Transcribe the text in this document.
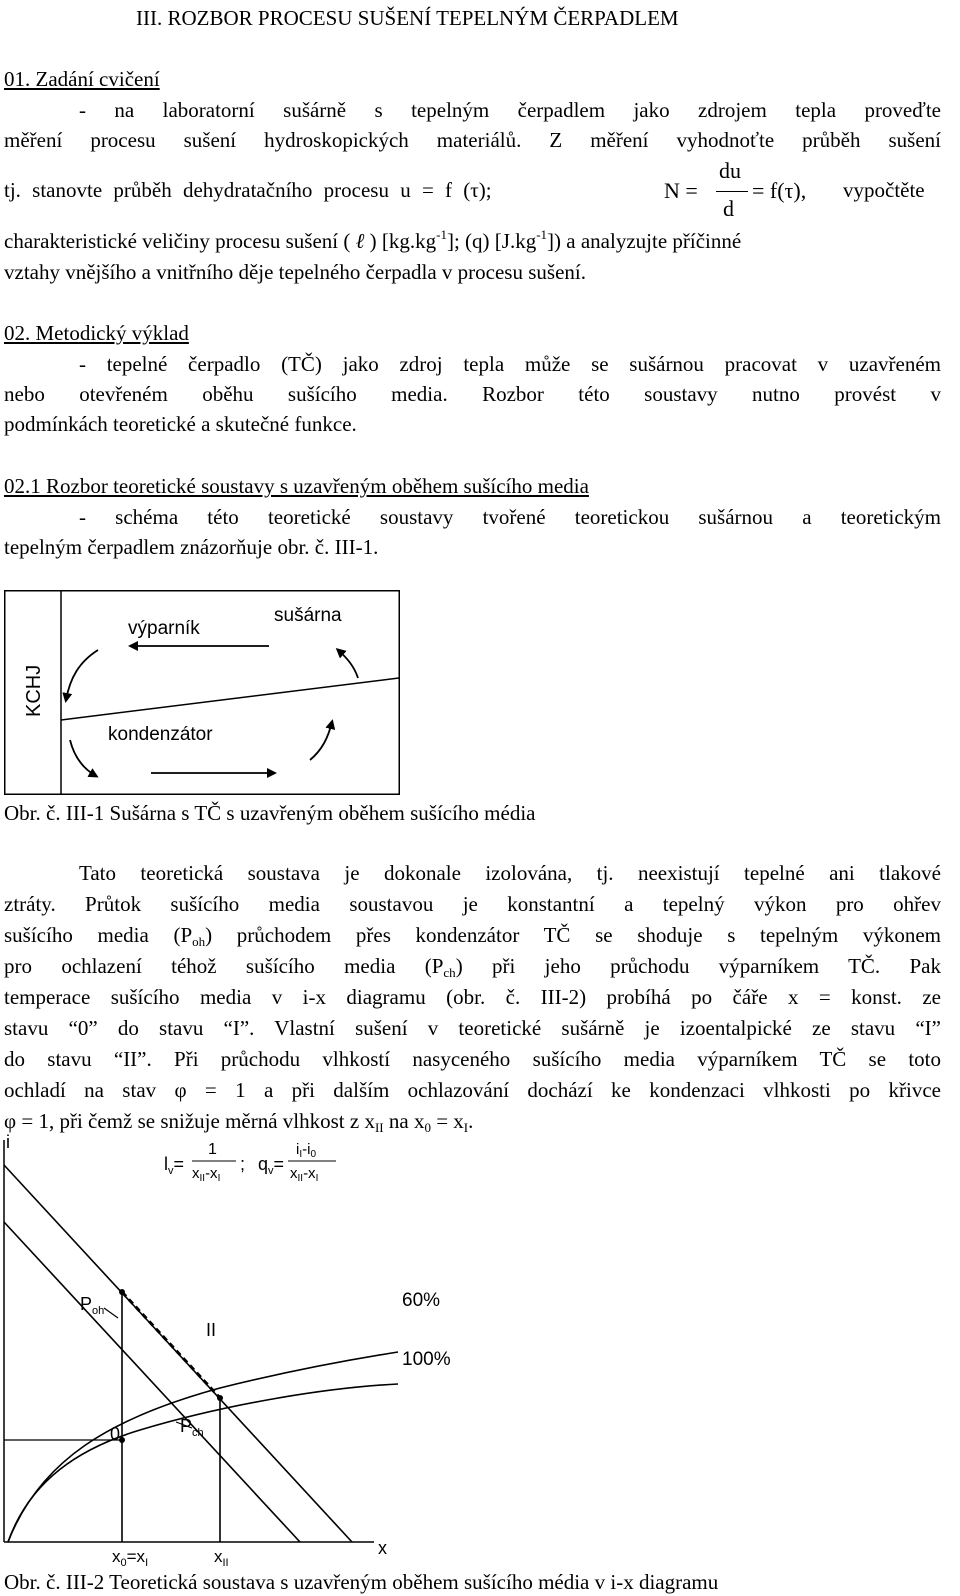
III. ROZBOR PROCESU SUŠENÍ TEPELNÝM ČERPADLEM
01. Zadání cvičení
- na laboratorní sušárně s tepelným čerpadlem jako zdrojem tepla proveďte
měření procesu sušení hydroskopických materiálů. Z měření vyhodnoťte průběh sušení
tj. stanovte průběh dehydratačního procesu u = f (τ);	N =
du
d
= f(τ), vypočtěte
charakteristické veličiny procesu sušení ( ℓ ) $[kg.kg^{-1}]$; (q) $[J.kg^{-1}]$) a analyzujte příčinné
vztahy vnějšího a vnitřního děje tepelného čerpadla v procesu sušení.
02. Metodický výklad
- tepelné čerpadlo (TČ) jako zdroj tepla může se sušárnou pracovat v uzavřeném
nebo otevřeném oběhu sušícího media. Rozbor této soustavy nutno provést v
podmínkách teoretické a skutečné funkce.
02.1 Rozbor teoretické soustavy s uzavřeným oběhem sušícího media
- schéma této teoretické soustavy tvořené teoretickou sušárnou a teoretickým
tepelným čerpadlem znázorňuje obr. č. III-1.
výparník
sušárna
KCHJ
kondenzátor
Obr. č. III-1 Sušárna s TČ s uzavřeným oběhem sušícího média
Tato teoretická soustava je dokonale izolována, tj. neexistují tepelné ani tlakové
ztráty. Průtok sušícího media soustavou je konstantní a tepelný výkon pro ohřev
sušícího media $(P_{oh})$ průchodem přes kondenzátor TČ se shoduje s tepelným výkonem
pro ochlazení téhož sušícího media $(P_{ch})$ při jeho průchodu výparníkem TČ. Pak
temperace sušícího media v i-x diagramu (obr. č. III-2) probíhá po čáře x = konst. ze
stavu “0” do stavu “I”. Vlastní sušení v teoretické sušárně je izoentalpické ze stavu “I”
do stavu “II”. Při průchodu vlhkostí nasyceného sušícího media výparníkem TČ se toto
ochladí na stav φ = 1 a při dalším ochlazování dochází ke kondenzaci vlhkosti po křivce
φ = 1, při čemž se snižuje měrná vlhkost z $x_{II}$ na $x_0 = x_I$.
i
x
60%
100%
II
0
$P_{oh}$
$P_{ch}$
$x_0=x_I$	$x_{II}$
$l_v=$
1
$x_{II}-x_I$
; $q_v=$
$i_I-i_0$
$x_{II}-x_I$
Obr. č. III-2 Teoretická soustava s uzavřeným oběhem sušícího média v i-x diagramu
